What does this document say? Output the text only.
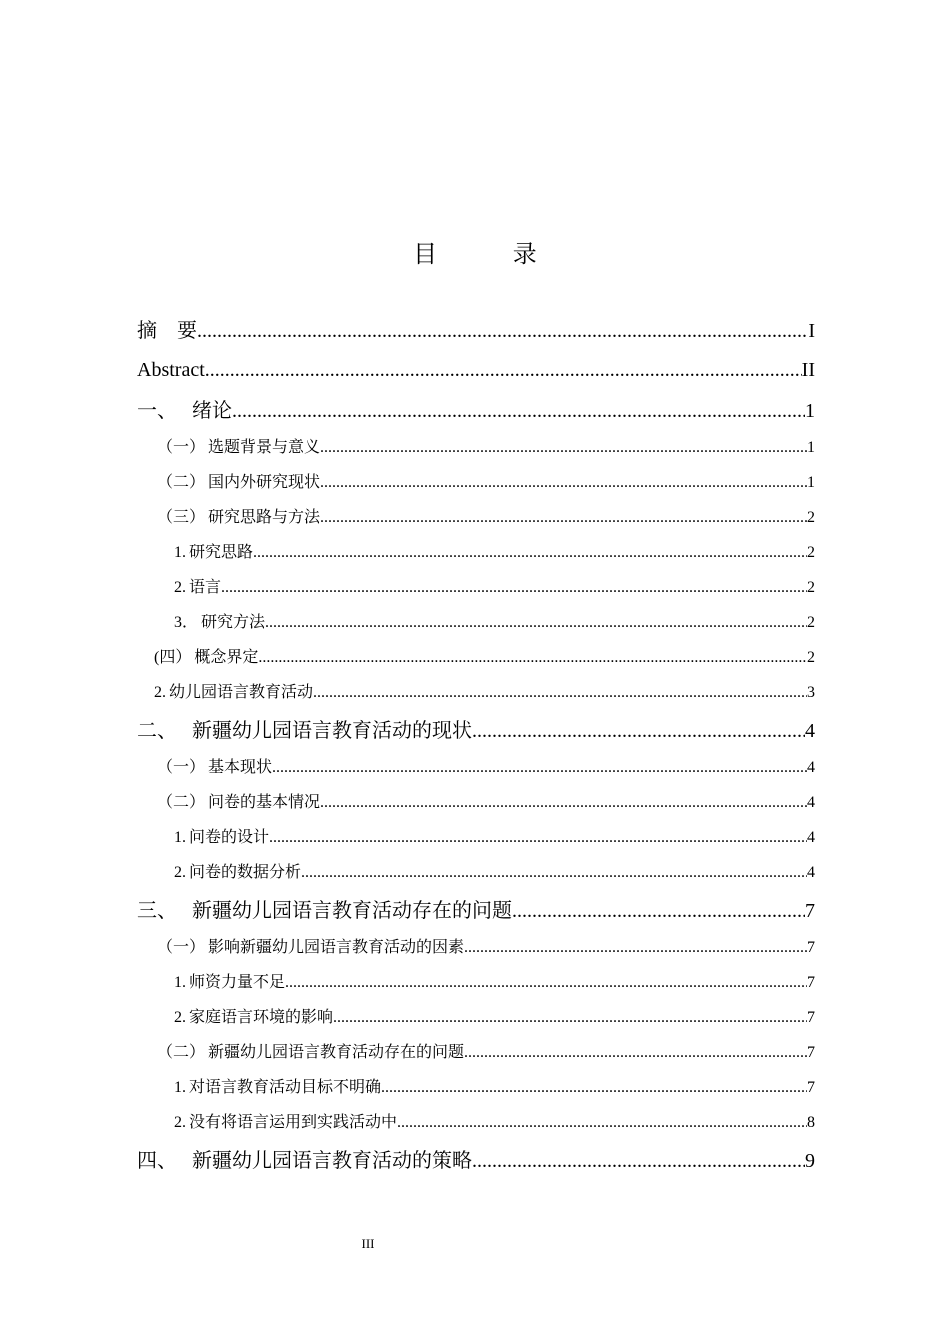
目 录
摘　要 .....	I
Abstract .....	II
一、 绪论 .....	1
（一） 选题背景与意义 .....	1
（二） 国内外研究现状 .....	1
（三） 研究思路与方法 .....	2
1. 研究思路 .....	2
2. 语言 .....	2
3． 研究方法 .....	2
(四） 概念界定 .....	2
2. 幼儿园语言教育活动 .....	3
二、 新疆幼儿园语言教育活动的现状 .....	4
（一） 基本现状 .....	4
（二） 问卷的基本情况 .....	4
1. 问卷的设计 .....	4
2. 问卷的数据分析 .....	4
三、 新疆幼儿园语言教育活动存在的问题 .....	7
（一） 影响新疆幼儿园语言教育活动的因素 .....	7
1. 师资力量不足 .....	7
2. 家庭语言环境的影响 .....	7
（二） 新疆幼儿园语言教育活动存在的问题 .....	7
1. 对语言教育活动目标不明确 .....	7
2. 没有将语言运用到实践活动中 .....	8
四、 新疆幼儿园语言教育活动的策略 .....	9
III
